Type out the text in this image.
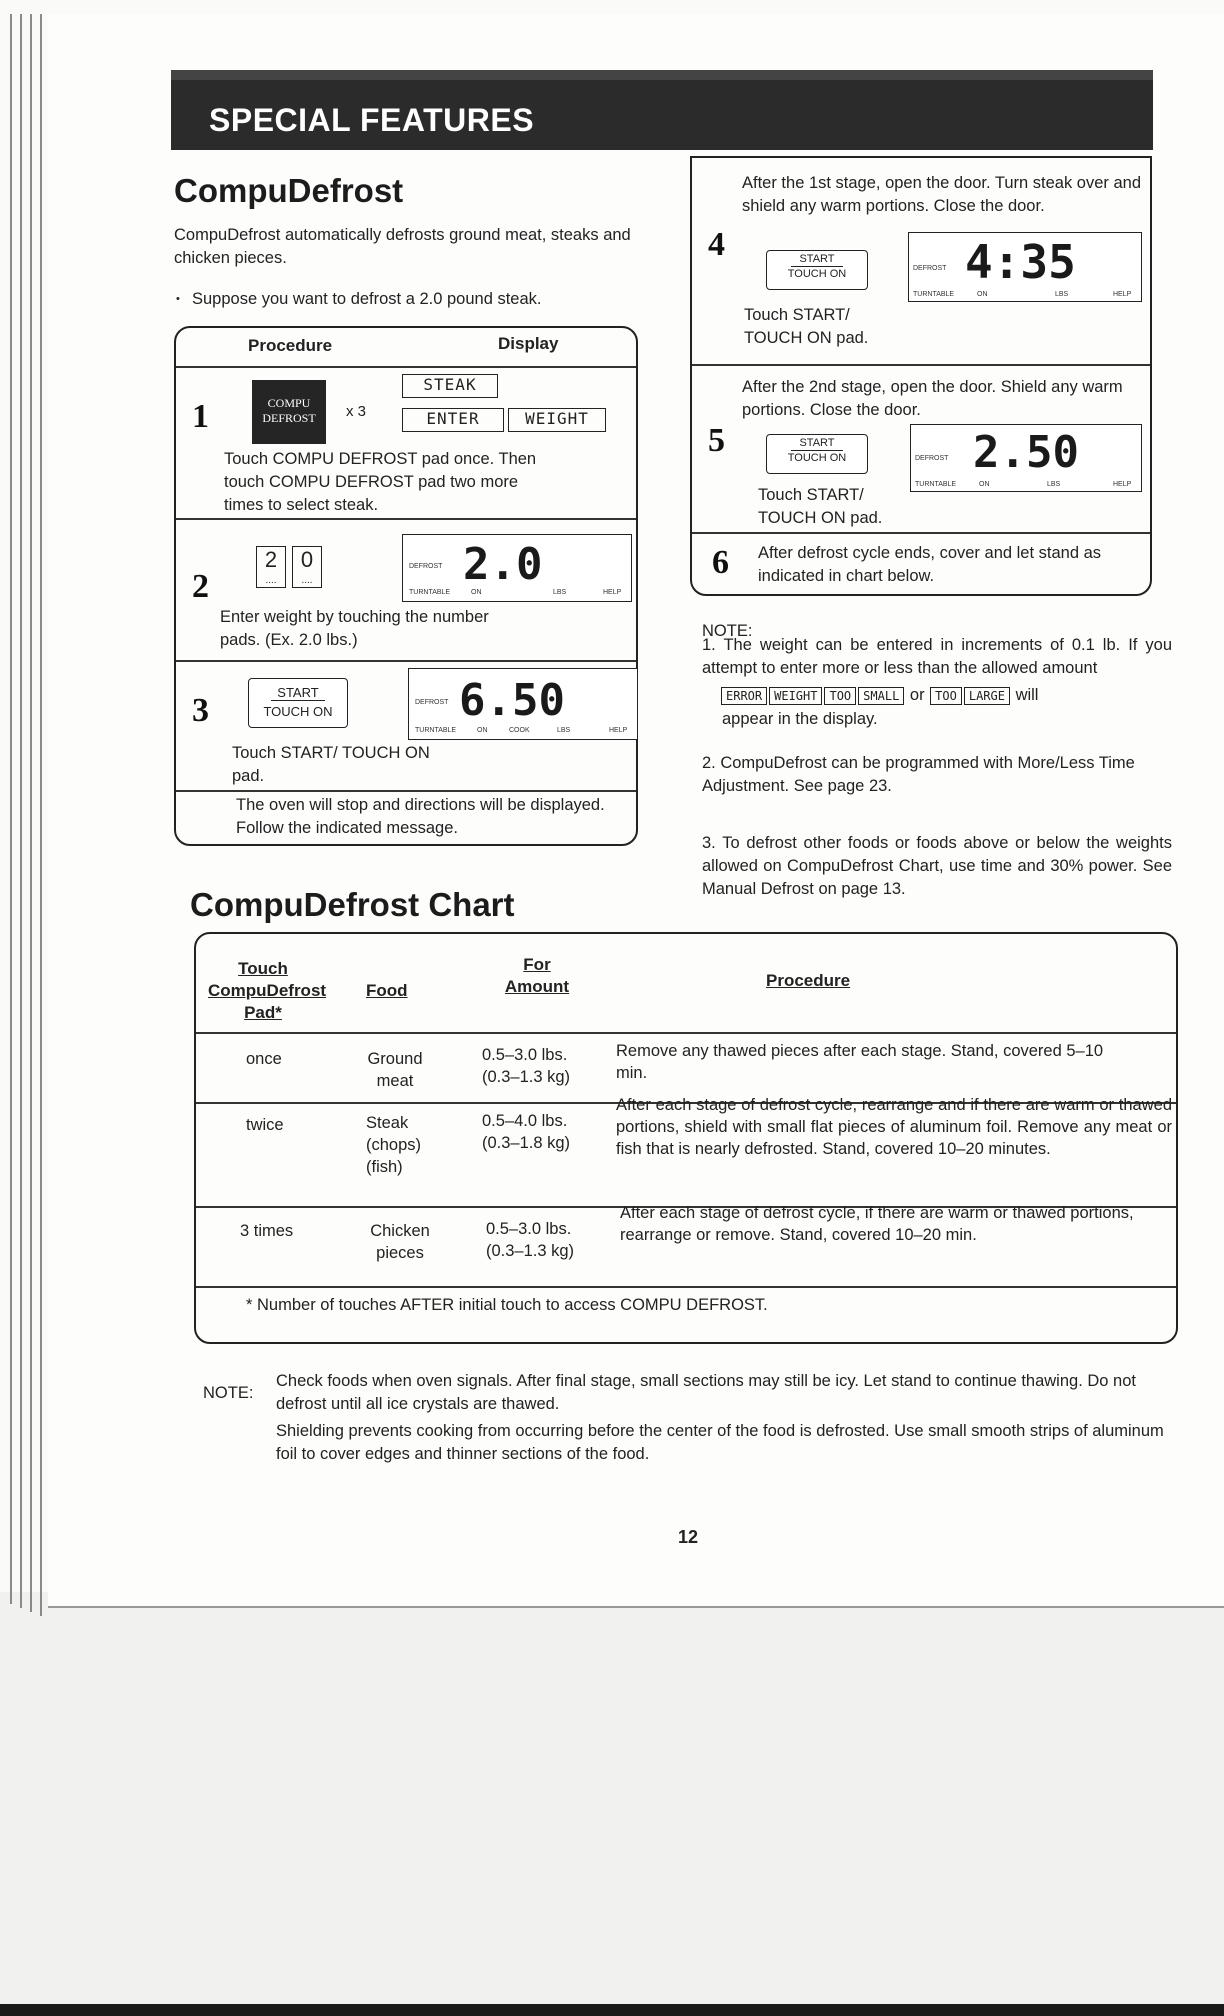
SPECIAL FEATURES
CompuDefrost
CompuDefrost automatically defrosts ground meat, steaks and chicken pieces.
• Suppose you want to defrost a 2.0 pound steak.
Procedure	Display
1	COMPU
DEFROST	x 3
STEAK
ENTER	WEIGHT
Touch COMPU DEFROST pad once. Then touch COMPU DEFROST pad two more times to select steak.
2
2
....
0
....
DEFROST 2.0
TURNTABLE	ON	LBS	HELP
Enter weight by touching the number pads. (Ex. 2.0 lbs.)
3	START
TOUCH ON
DEFROST 6.50
TURNTABLE	ON	COOK	LBS	HELP
Touch START/ TOUCH ON pad.
The oven will stop and directions will be displayed. Follow the indicated message.
After the 1st stage, open the door. Turn steak over and shield any warm portions. Close the door.
4	START
TOUCH ON	DEFROST 4:35
TURNTABLE	ON	LBS	HELP
Touch START/ TOUCH ON pad.
After the 2nd stage, open the door. Shield any warm portions. Close the door.
5	START
TOUCH ON	DEFROST 2.50
TURNTABLE	ON	LBS	HELP
Touch START/ TOUCH ON pad.
6 After defrost cycle ends, cover and let stand as indicated in chart below.
NOTE:
1. The weight can be entered in increments of 0.1 lb. If you attempt to enter more or less than the allowed amount
ERROR WEIGHT TOO SMALL or TOO LARGE will
appear in the display.
2. CompuDefrost can be programmed with More/Less Time Adjustment. See page 23.
3. To defrost other foods or foods above or below the weights allowed on CompuDefrost Chart, use time and 30% power. See Manual Defrost on page 13.
CompuDefrost Chart
Touch CompuDefrost Pad*
Food
For Amount	Procedure
once	Ground meat
0.5–3.0 lbs.
(0.3–1.3 kg)
Remove any thawed pieces after each stage. Stand, covered 5–10 min.
twice	Steak (chops) (fish)
0.5–4.0 lbs.
(0.3–1.8 kg)
After each stage of defrost cycle, rearrange and if there are warm or thawed portions, shield with small flat pieces of aluminum foil. Remove any meat or fish that is nearly defrosted. Stand, covered 10–20 minutes.
3 times	Chicken pieces
0.5–3.0 lbs.
(0.3–1.3 kg)
After each stage of defrost cycle, if there are warm or thawed portions, rearrange or remove. Stand, covered 10–20 min.
* Number of touches AFTER initial touch to access COMPU DEFROST.
NOTE:
Check foods when oven signals. After final stage, small sections may still be icy. Let stand to continue thawing. Do not defrost until all ice crystals are thawed.
Shielding prevents cooking from occurring before the center of the food is defrosted. Use small smooth strips of aluminum foil to cover edges and thinner sections of the food.
12
